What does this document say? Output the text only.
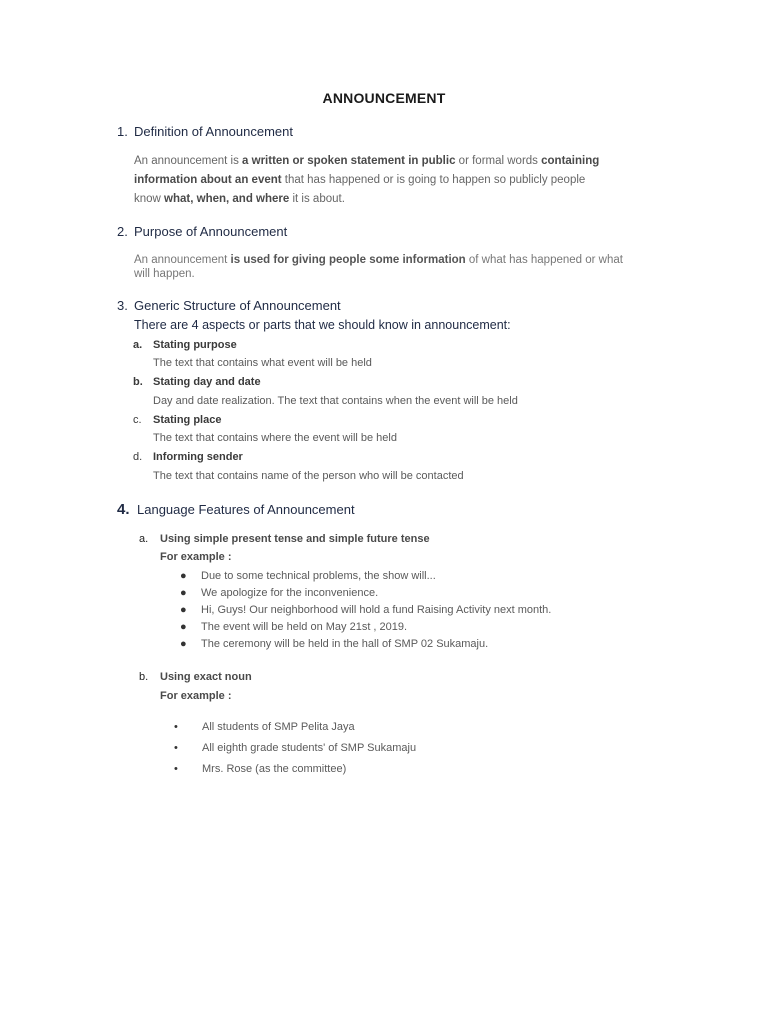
ANNOUNCEMENT
1. Definition of Announcement
An announcement is a written or spoken statement in public or formal words containing
information about an event that has happened or is going to happen so publicly people
know what, when, and where it is about.
2. Purpose of Announcement
An announcement is used for giving people some information of what has happened or what
will happen.
3. Generic Structure of Announcement
There are 4 aspects or parts that we should know in announcement:
a. Stating purpose
The text that contains what event will be held
b. Stating day and date
Day and date realization. The text that contains when the event will be held
c. Stating place
The text that contains where the event will be held
d. Informing sender
The text that contains name of the person who will be contacted
4. Language Features of Announcement
a. Using simple present tense and simple future tense
For example :
● Due to some technical problems, the show will...
● We apologize for the inconvenience.
● Hi, Guys! Our neighborhood will hold a fund Raising Activity next month.
● The event will be held on May 21st , 2019.
● The ceremony will be held in the hall of SMP 02 Sukamaju.
b. Using exact noun
For example :
• All students of SMP Pelita Jaya
• All eighth grade students' of SMP Sukamaju
• Mrs. Rose (as the committee)
